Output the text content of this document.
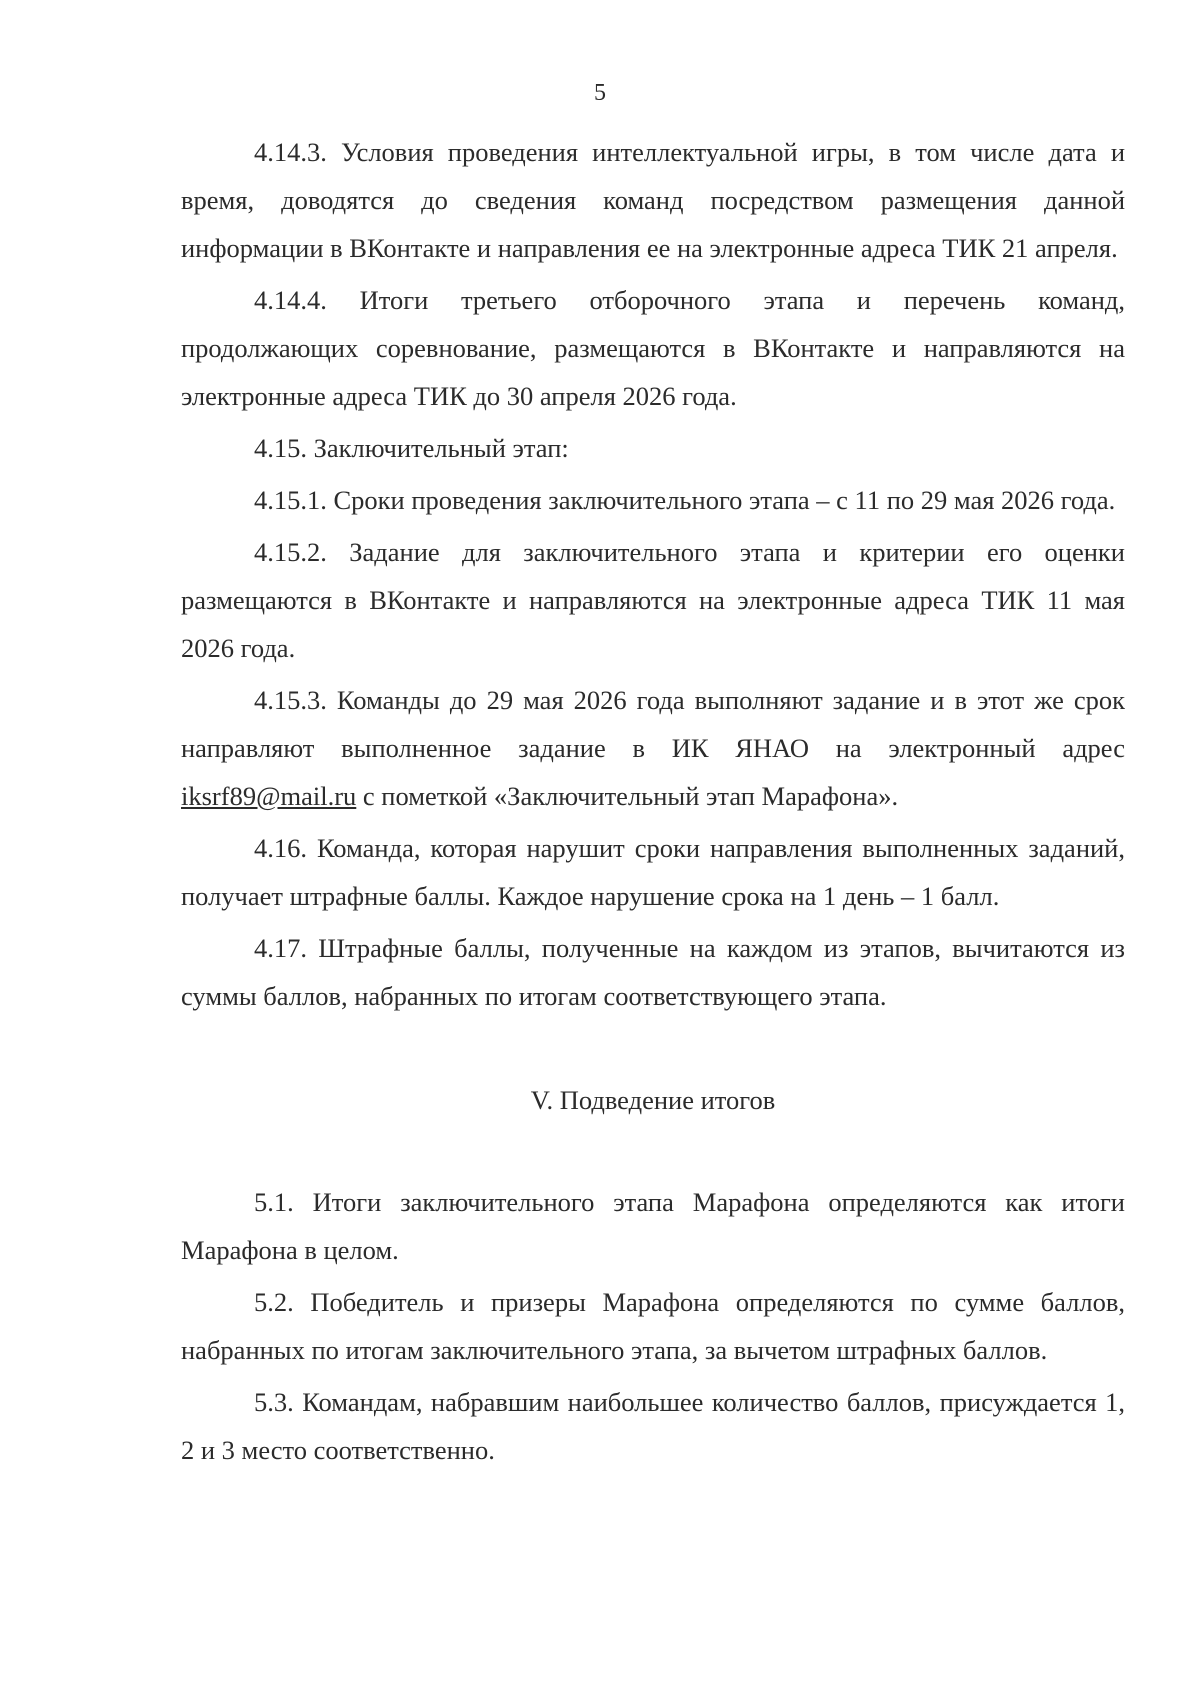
5

4.14.3. Условия проведения интеллектуальной игры, в том числе дата и время, доводятся до сведения команд посредством размещения данной информации в ВКонтакте и направления ее на электронные адреса ТИК 21 апреля.

4.14.4. Итоги третьего отборочного этапа и перечень команд, продолжающих соревнование, размещаются в ВКонтакте и направляются на электронные адреса ТИК до 30 апреля 2026 года.

4.15. Заключительный этап:

4.15.1. Сроки проведения заключительного этапа – с 11 по 29 мая 2026 года.

4.15.2. Задание для заключительного этапа и критерии его оценки размещаются в ВКонтакте и направляются на электронные адреса ТИК 11 мая 2026 года.

4.15.3. Команды до 29 мая 2026 года выполняют задание и в этот же срок направляют выполненное задание в ИК ЯНАО на электронный адрес iksrf89@mail.ru с пометкой «Заключительный этап Марафона».

4.16. Команда, которая нарушит сроки направления выполненных заданий, получает штрафные баллы. Каждое нарушение срока на 1 день – 1 балл.

4.17. Штрафные баллы, полученные на каждом из этапов, вычитаются из суммы баллов, набранных по итогам соответствующего этапа.

V. Подведение итогов

5.1. Итоги заключительного этапа Марафона определяются как итоги Марафона в целом.

5.2. Победитель и призеры Марафона определяются по сумме баллов, набранных по итогам заключительного этапа, за вычетом штрафных баллов.

5.3. Командам, набравшим наибольшее количество баллов, присуждается 1, 2 и 3 место соответственно.
